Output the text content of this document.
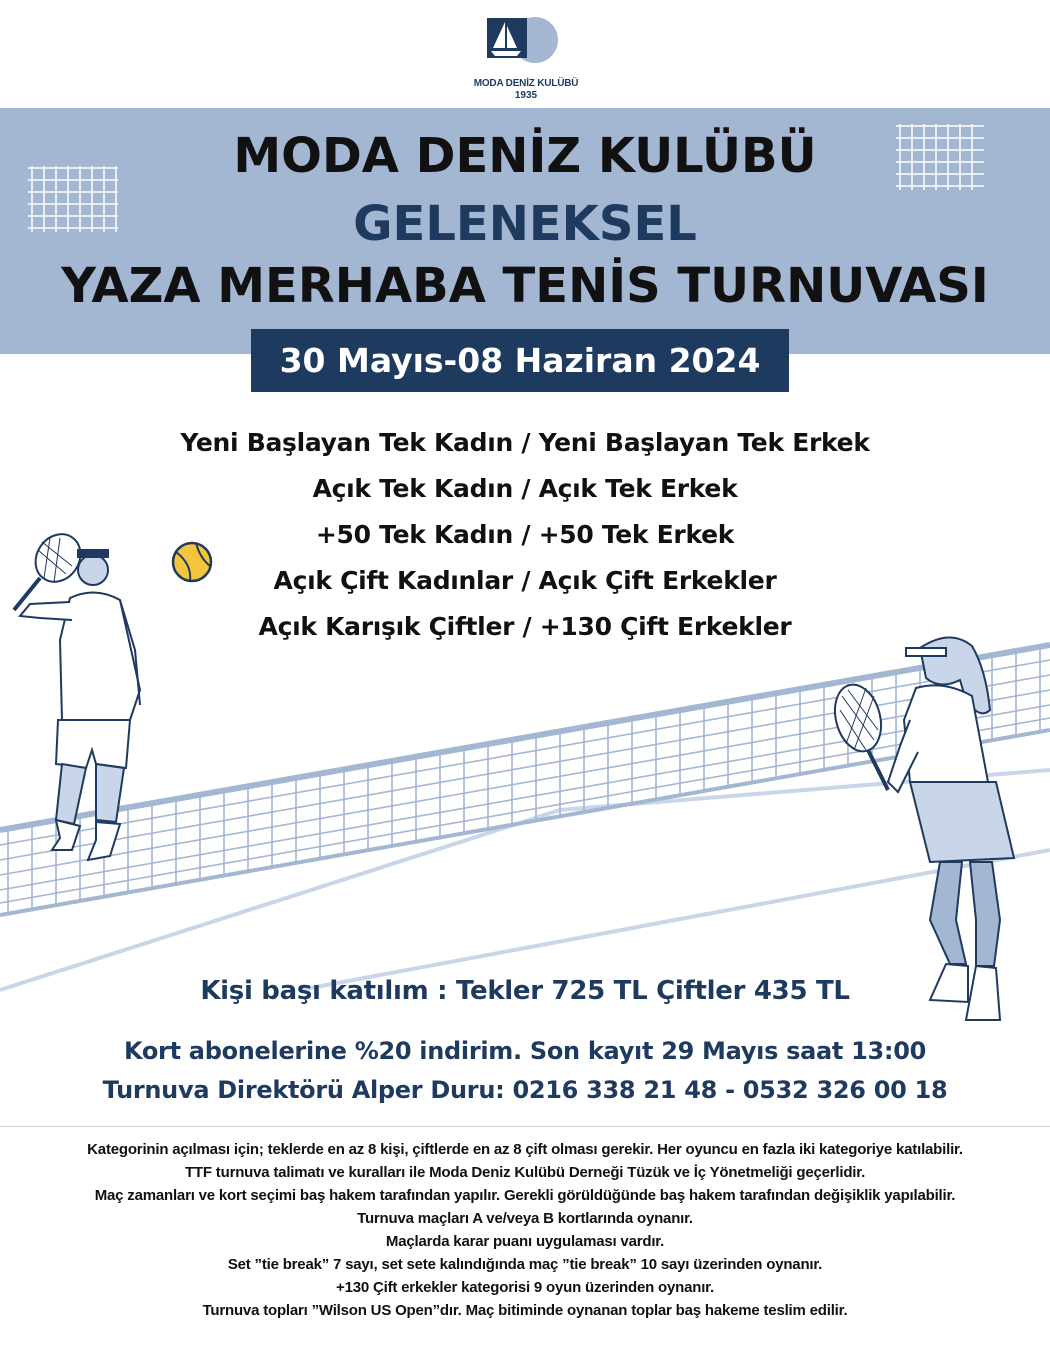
MODA DENİZ KULÜBÜ
1935
MODA DENİZ KULÜBÜ
GELENEKSEL
YAZA MERHABA TENİS TURNUVASI
30 Mayıs-08 Haziran 2024
Yeni Başlayan Tek Kadın / Yeni Başlayan Tek Erkek
Açık Tek Kadın / Açık Tek Erkek
+50 Tek Kadın / +50 Tek Erkek
Açık Çift Kadınlar / Açık Çift Erkekler
Açık Karışık Çiftler / +130 Çift Erkekler
Kişi başı katılım : Tekler 725 TL Çiftler 435 TL
Kort abonelerine %20 indirim. Son kayıt 29 Mayıs saat 13:00
Turnuva Direktörü Alper Duru: 0216 338 21 48 - 0532 326 00 18
Kategorinin açılması için; teklerde en az 8 kişi, çiftlerde en az 8 çift olması gerekir. Her oyuncu en fazla iki kategoriye katılabilir.
TTF turnuva talimatı ve kuralları ile Moda Deniz Kulübü Derneği Tüzük ve İç Yönetmeliği geçerlidir.
Maç zamanları ve kort seçimi baş hakem tarafından yapılır. Gerekli görüldüğünde baş hakem tarafından değişiklik yapılabilir.
Turnuva maçları A ve/veya B kortlarında oynanır.
Maçlarda karar puanı uygulaması vardır.
Set ”tie break” 7 sayı, set sete kalındığında maç ”tie break” 10 sayı üzerinden oynanır.
+130 Çift erkekler kategorisi 9 oyun üzerinden oynanır.
Turnuva topları ”Wilson US Open”dır. Maç bitiminde oynanan toplar baş hakeme teslim edilir.
